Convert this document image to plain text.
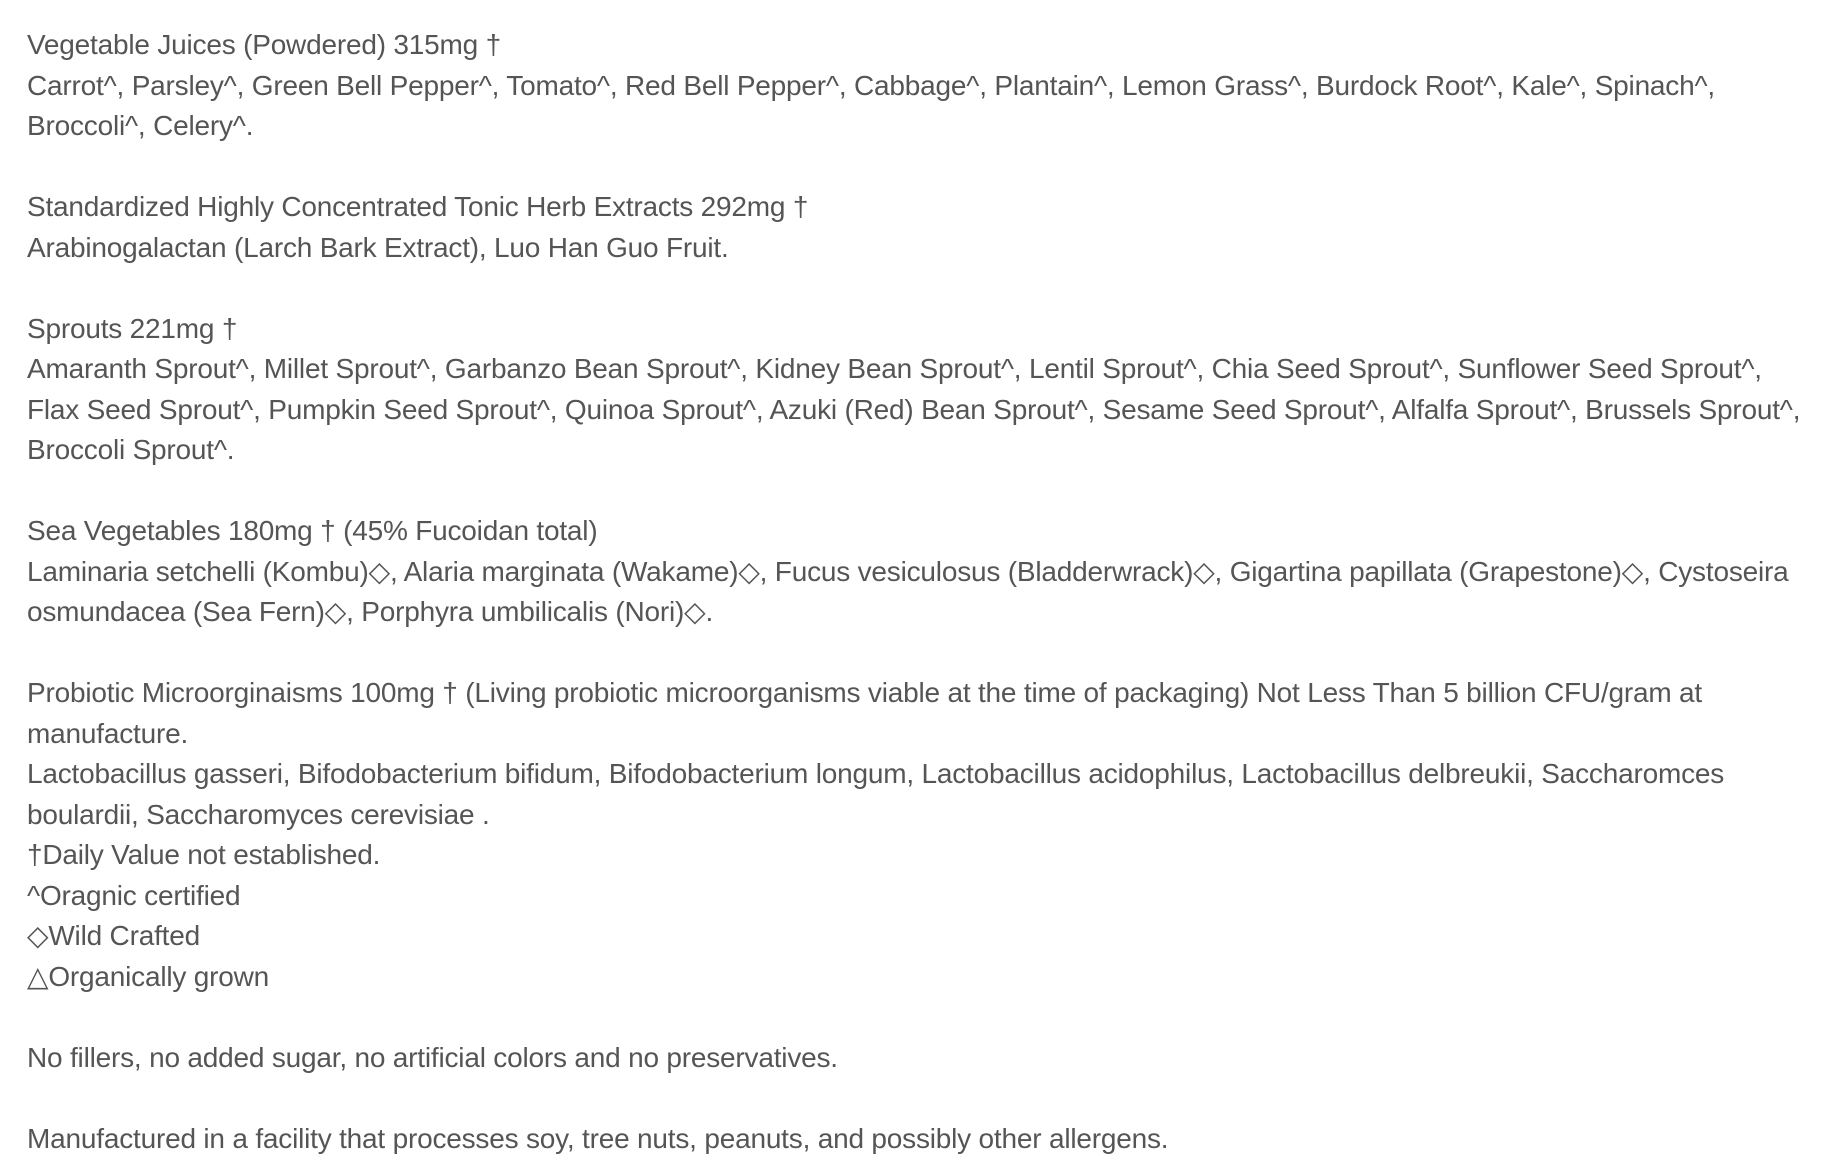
Vegetable Juices (Powdered) 315mg †
Carrot^, Parsley^, Green Bell Pepper^, Tomato^, Red Bell Pepper^, Cabbage^, Plantain^, Lemon Grass^, Burdock Root^, Kale^, Spinach^, Broccoli^, Celery^.
Standardized Highly Concentrated Tonic Herb Extracts 292mg †
Arabinogalactan (Larch Bark Extract), Luo Han Guo Fruit.
Sprouts 221mg †
Amaranth Sprout^, Millet Sprout^, Garbanzo Bean Sprout^, Kidney Bean Sprout^, Lentil Sprout^, Chia Seed Sprout^, Sunflower Seed Sprout^, Flax Seed Sprout^, Pumpkin Seed Sprout^, Quinoa Sprout^, Azuki (Red) Bean Sprout^, Sesame Seed Sprout^, Alfalfa Sprout^, Brussels Sprout^, Broccoli Sprout^.
Sea Vegetables 180mg † (45% Fucoidan total)
Laminaria setchelli (Kombu)◇, Alaria marginata (Wakame)◇, Fucus vesiculosus (Bladderwrack)◇, Gigartina papillata (Grapestone)◇, Cystoseira osmundacea (Sea Fern)◇, Porphyra umbilicalis (Nori)◇.
Probiotic Microorginaisms 100mg † (Living probiotic microorganisms viable at the time of packaging) Not Less Than 5 billion CFU/gram at manufacture.
Lactobacillus gasseri, Bifodobacterium bifidum, Bifodobacterium longum, Lactobacillus acidophilus, Lactobacillus delbreukii, Saccharomces boulardii, Saccharomyces cerevisiae .
†Daily Value not established.
^Oragnic certified
◇Wild Crafted
△Organically grown
No fillers, no added sugar, no artificial colors and no preservatives.
Manufactured in a facility that processes soy, tree nuts, peanuts, and possibly other allergens.
